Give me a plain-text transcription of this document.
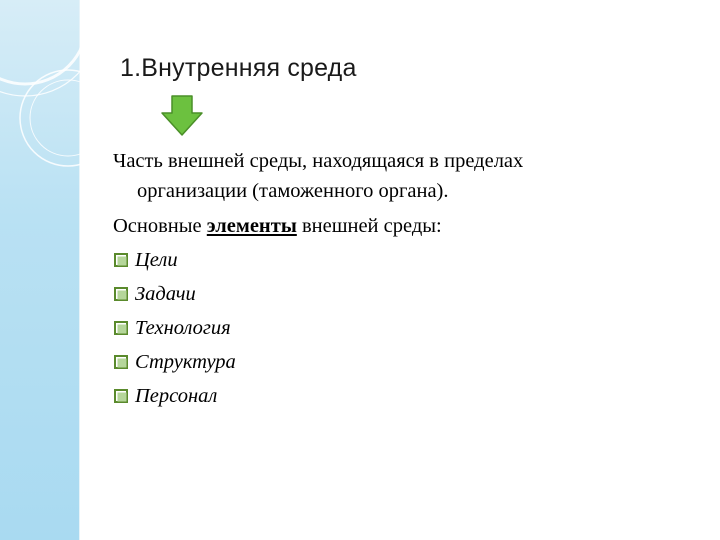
1.Внутренняя среда
Часть внешней среды, находящаяся в пределах
организации (таможенного органа).
Основные элементы внешней среды:
Цели
Задачи
Технология
Структура
Персонал
